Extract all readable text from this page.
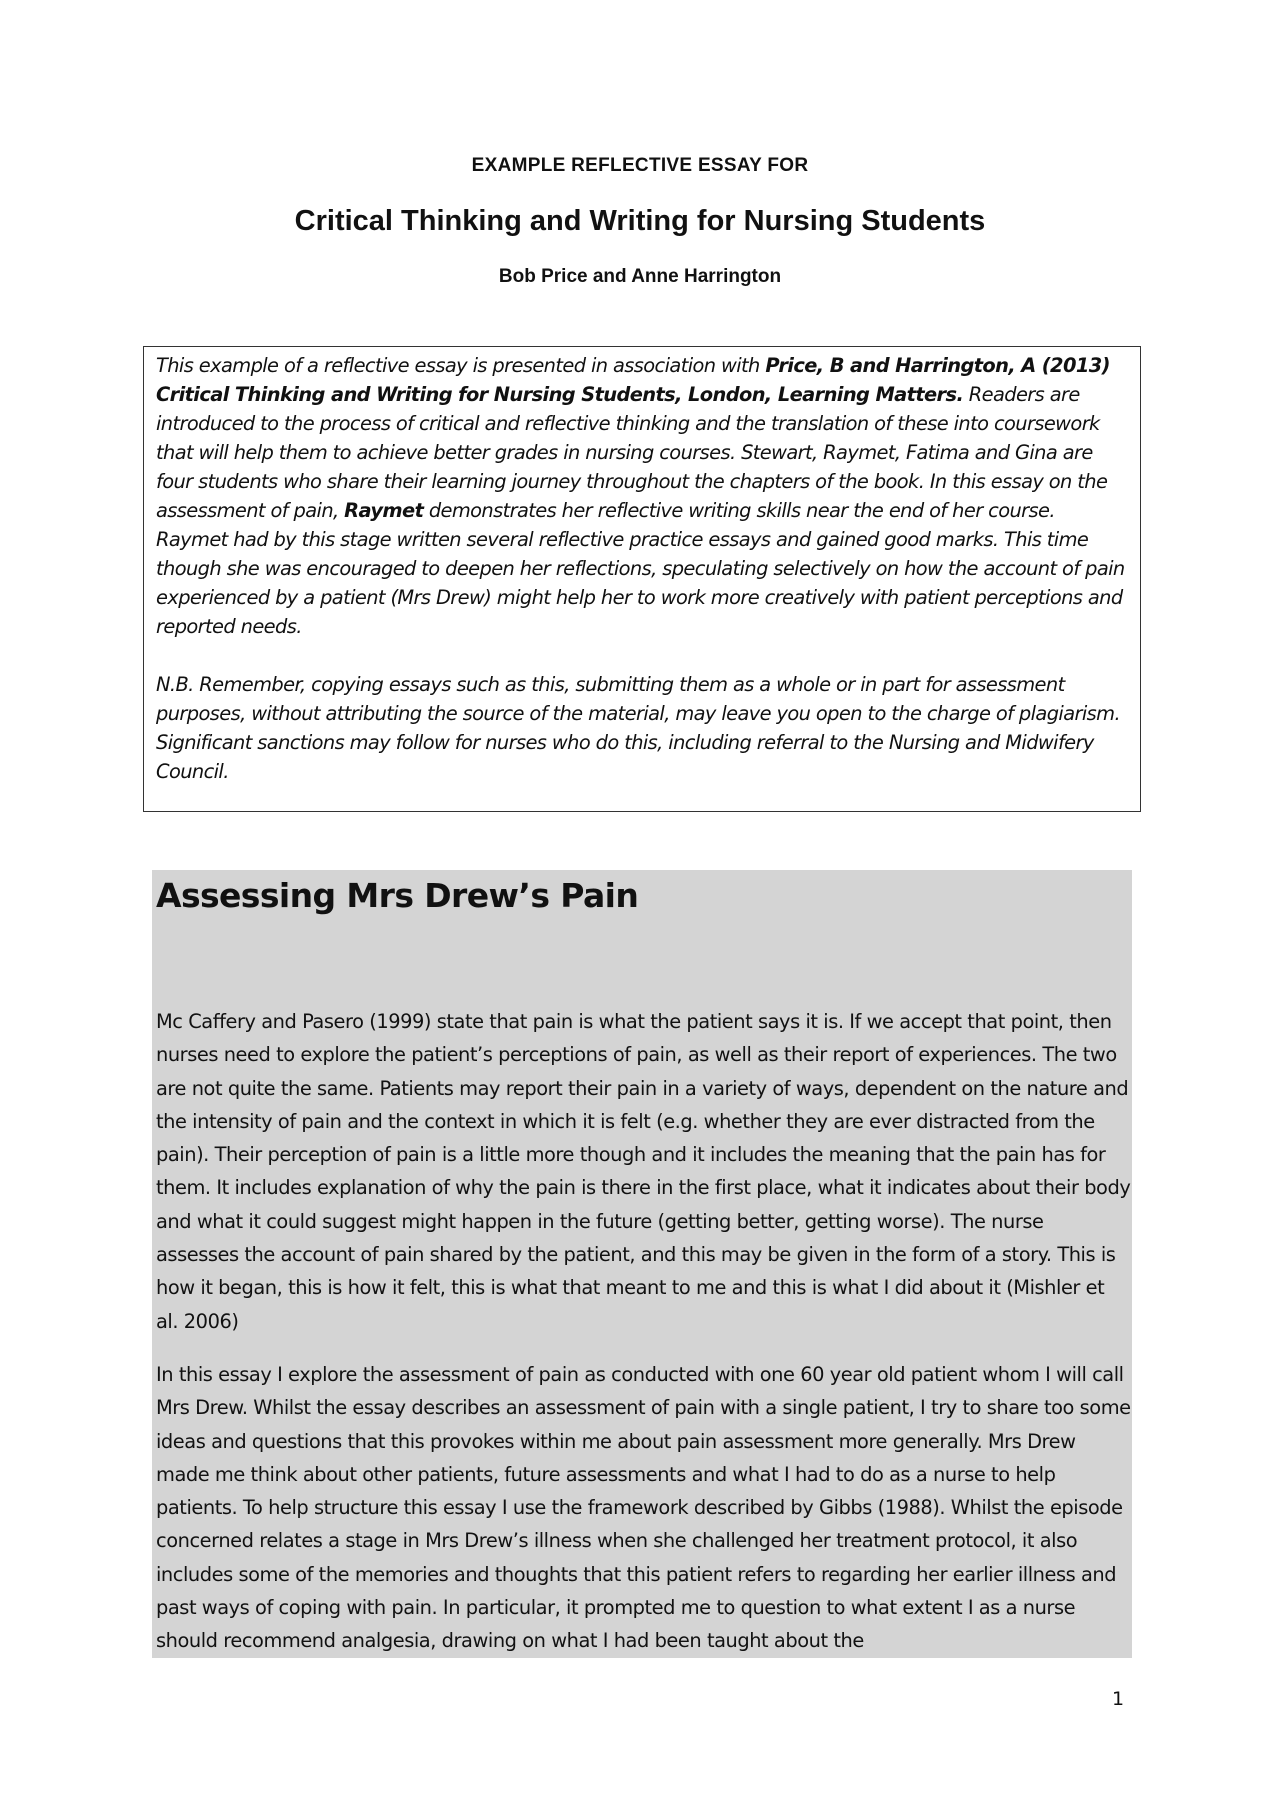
EXAMPLE REFLECTIVE ESSAY FOR
Critical Thinking and Writing for Nursing Students
Bob Price and Anne Harrington

This example of a reflective essay is presented in association with Price, B and Harrington, A (2013) Critical Thinking and Writing for Nursing Students, London, Learning Matters. Readers are introduced to the process of critical and reflective thinking and the translation of these into coursework that will help them to achieve better grades in nursing courses. Stewart, Raymet, Fatima and Gina are four students who share their learning journey throughout the chapters of the book. In this essay on the assessment of pain, Raymet demonstrates her reflective writing skills near the end of her course. Raymet had by this stage written several reflective practice essays and gained good marks. This time though she was encouraged to deepen her reflections, speculating selectively on how the account of pain experienced by a patient (Mrs Drew) might help her to work more creatively with patient perceptions and reported needs.

N.B. Remember, copying essays such as this, submitting them as a whole or in part for assessment purposes, without attributing the source of the material, may leave you open to the charge of plagiarism. Significant sanctions may follow for nurses who do this, including referral to the Nursing and Midwifery Council.

Assessing Mrs Drew’s Pain

Mc Caffery and Pasero (1999) state that pain is what the patient says it is. If we accept that point, then nurses need to explore the patient’s perceptions of pain, as well as their report of experiences. The two are not quite the same. Patients may report their pain in a variety of ways, dependent on the nature and the intensity of pain and the context in which it is felt (e.g. whether they are ever distracted from the pain). Their perception of pain is a little more though and it includes the meaning that the pain has for them. It includes explanation of why the pain is there in the first place, what it indicates about their body and what it could suggest might happen in the future (getting better, getting worse). The nurse assesses the account of pain shared by the patient, and this may be given in the form of a story. This is how it began, this is how it felt, this is what that meant to me and this is what I did about it (Mishler et al. 2006)

In this essay I explore the assessment of pain as conducted with one 60 year old patient whom I will call Mrs Drew. Whilst the essay describes an assessment of pain with a single patient, I try to share too some ideas and questions that this provokes within me about pain assessment more generally. Mrs Drew made me think about other patients, future assessments and what I had to do as a nurse to help patients. To help structure this essay I use the framework described by Gibbs (1988). Whilst the episode concerned relates a stage in Mrs Drew’s illness when she challenged her treatment protocol, it also includes some of the memories and thoughts that this patient refers to regarding her earlier illness and past ways of coping with pain. In particular, it prompted me to question to what extent I as a nurse should recommend analgesia, drawing on what I had been taught about the

1
